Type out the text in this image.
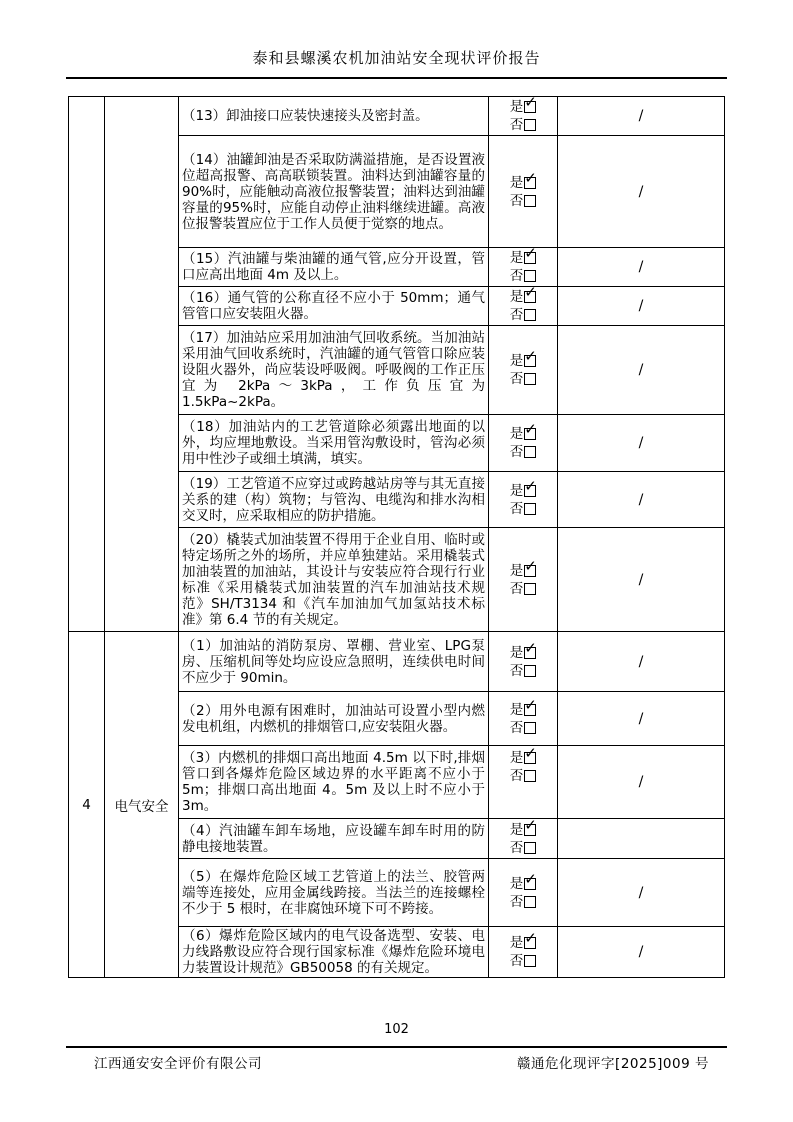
泰和县螺溪农机加油站安全现状评价报告
		（13）卸油接口应装快速接头及密封盖。	是 ✓
否	/
		（14）油罐卸油是否采取防满溢措施，是否设置液位超高报警、高高联锁装置。油料达到油罐容量的90%时，应能触动高液位报警装置；油料达到油罐容量的95%时，应能自动停止油料继续进罐。高液位报警装置应位于工作人员便于觉察的地点。	是 ✓
否	/
		（15）汽油罐与柴油罐的通气管,应分开设置，管口应高出地面 4m 及以上。	是 ✓
否	/
		（16）通气管的公称直径不应小于 50mm；通气管管口应安装阻火器。	是 ✓
否	/
		（17）加油站应采用加油油气回收系统。当加油站采用油气回收系统时，汽油罐的通气管管口除应装设阻火器外，尚应装设呼吸阀。呼吸阀的工作正压宜为 2kPa～3kPa，工作负压宜为 1.5kPa~2kPa。	是 ✓
否	/
		（18）加油站内的工艺管道除必须露出地面的以外，均应埋地敷设。当采用管沟敷设时，管沟必须用中性沙子或细土填满，填实。	是 ✓
否	/
		（19）工艺管道不应穿过或跨越站房等与其无直接关系的建（构）筑物；与管沟、电缆沟和排水沟相交叉时，应采取相应的防护措施。	是 ✓
否	/
		（20）橇装式加油装置不得用于企业自用、临时或特定场所之外的场所，并应单独建站。采用橇装式加油装置的加油站，其设计与安装应符合现行行业标准《采用橇装式加油装置的汽车加油站技术规范》SH/T3134 和《汽车加油加气加氢站技术标准》第 6.4 节的有关规定。	是 ✓
否	/
4	电气安全	（1）加油站的消防泵房、罩棚、营业室、LPG泵房、压缩机间等处均应设应急照明，连续供电时间不应少于 90min。	是 ✓
否	/
		（2）用外电源有困难时，加油站可设置小型内燃发电机组，内燃机的排烟管口,应安装阻火器。	是 ✓
否	/
		（3）内燃机的排烟口高出地面 4.5m 以下时,排烟管口到各爆炸危险区域边界的水平距离不应小于 5m；排烟口高出地面 4。5m 及以上时不应小于 3m。	是 ✓
否	/
		（4）汽油罐车卸车场地，应设罐车卸车时用的防静电接地装置。	是 ✓
否	

		（5）在爆炸危险区域工艺管道上的法兰、胶管两端等连接处，应用金属线跨接。当法兰的连接螺栓不少于 5 根时，在非腐蚀环境下可不跨接。	是 ✓
否	/
		（6）爆炸危险区域内的电气设备选型、安装、电力线路敷设应符合现行国家标准《爆炸危险环境电力装置设计规范》GB50058 的有关规定。	是 ✓
否	/
102
江西通安安全评价有限公司	赣通危化现评字[2025]009 号
